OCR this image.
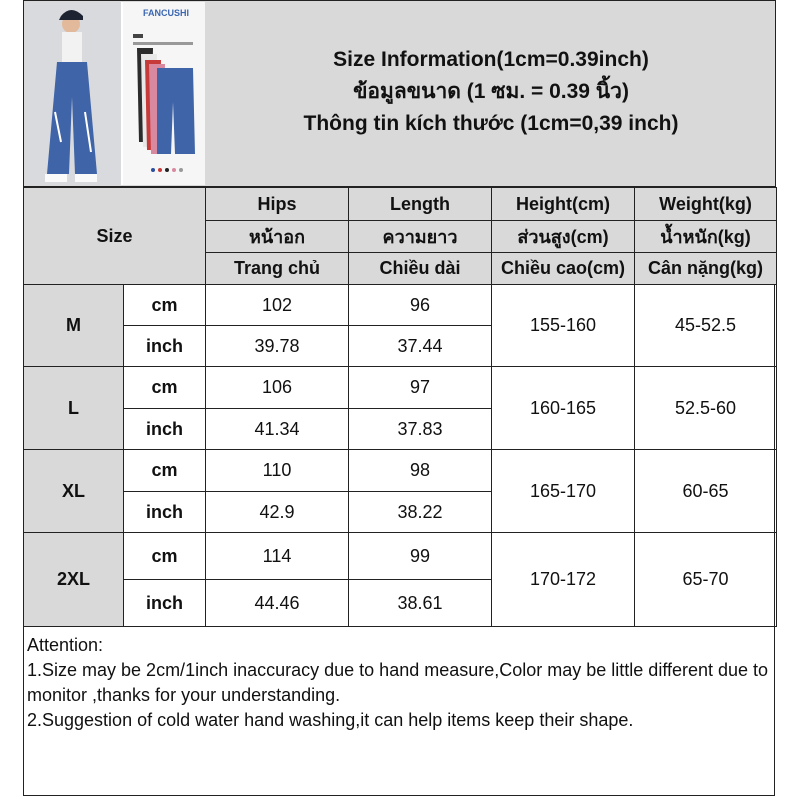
FANCUSHI
Size Information(1cm=0.39inch)
ข้อมูลขนาด (1 ซม. = 0.39 นิ้ว)
Thông tin kích thước (1cm=0,39 inch)
Size		Hips	Length	Height(cm)	Weight(kg)
		หน้าอก	ความยาว	ส่วนสูง(cm)	น้ำหนัก(kg)
		Trang chủ	Chiều dài	Chiều cao(cm)	Cân nặng(kg)
M	cm	102	96	155-160	45-52.5
	inch	39.78	37.44		
L	cm	106	97	160-165	52.5-60
	inch	41.34	37.83		
XL	cm	110	98	165-170	60-65
	inch	42.9	38.22		
2XL	cm	114	99	170-172	65-70
	inch	44.46	38.61		
Attention:
1.Size may be 2cm/1inch inaccuracy due to hand measure,Color may be little different due to monitor ,thanks for your understanding.
2.Suggestion of cold water hand washing,it can help items keep their shape.
